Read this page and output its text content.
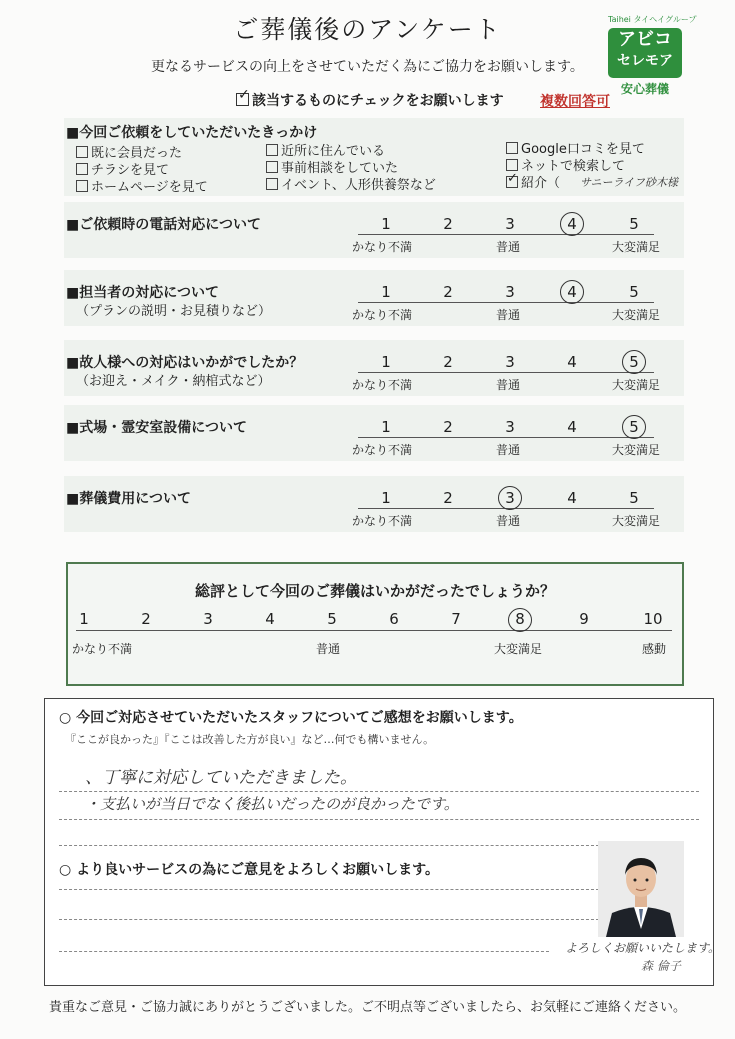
ご葬儀後のアンケート
更なるサービスの向上をさせていただく為にご協力をお願いします。
Taihei タイヘイグループ
アビコ
セレモア
安心葬儀
✓該当するものにチェックをお願いします	複数回答可
■今回ご依頼をしていただいたきっかけ
既に会員だった
チラシを見て
ホームページを見て
近所に住んでいる
事前相談をしていた
イベント、人形供養祭など
Google口コミを見て
ネットで検索して
✓紹介（ サニーライフ砂木様
■ご依頼時の電話対応について	1	2	3	4	5
かなり不満	普通	大変満足
■担当者の対応について
（プランの説明・お見積りなど）
1	2	3	4	5
かなり不満	普通	大変満足
■故人様への対応はいかがでしたか？
（お迎え・メイク・納棺式など）
1	2	3	4	5
かなり不満	普通	大変満足
■式場・霊安室設備について	1	2	3	4	5
かなり不満	普通	大変満足
■葬儀費用について	1	2	3	4	5
かなり不満	普通	大変満足
総評として今回のご葬儀はいかがだったでしょうか？
1	2	3	4	5	6	7	8	9	10
かなり不満	普通	大変満足	感動
○ 今回ご対応させていただいたスタッフについてご感想をお願いします。
『ここが良かった』『ここは改善した方が良い』など…何でも構いません。
、丁寧に対応していただきました。
・支払いが当日でなく後払いだったのが良かったです。
○ より良いサービスの為にご意見をよろしくお願いします。
よろしくお願いいたします。
森 倫子
貴重なご意見・ご協力誠にありがとうございました。ご不明点等ございましたら、お気軽にご連絡ください。
